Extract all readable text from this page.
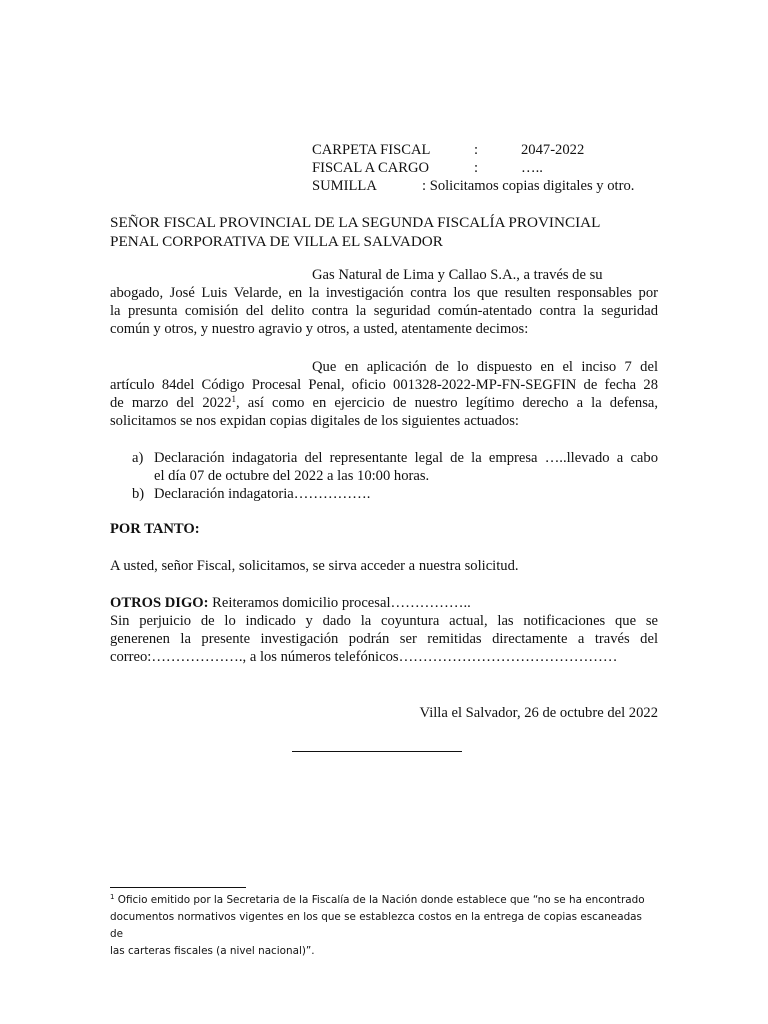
CARPETA FISCAL	:	2047-2022
FISCAL A CARGO	:	…..
SUMILLA	: Solicitamos copias digitales y otro.
SEÑOR FISCAL PROVINCIAL DE LA SEGUNDA FISCALÍA PROVINCIAL
PENAL CORPORATIVA DE VILLA EL SALVADOR
Gas Natural de Lima y Callao S.A., a través de su
abogado, José Luis Velarde, en la investigación contra los que resulten responsables por
la presunta comisión del delito contra la seguridad común-atentado contra la seguridad
común y otros, y nuestro agravio y otros, a usted, atentamente decimos:
Que en aplicación de lo dispuesto en el inciso 7 del
artículo 84del Código Procesal Penal, oficio 001328-2022-MP-FN-SEGFIN de fecha 28
de marzo del 2022$^1$, así como en ejercicio de nuestro legítimo derecho a la defensa,
solicitamos se nos expidan copias digitales de los siguientes actuados:
a) Declaración indagatoria del representante legal de la empresa …..llevado a cabo
el día 07 de octubre del 2022 a las 10:00 horas.
b) Declaración indagatoria…………….
POR TANTO:
A usted, señor Fiscal, solicitamos, se sirva acceder a nuestra solicitud.
OTROS DIGO: Reiteramos domicilio procesal……………..
Sin perjuicio de lo indicado y dado la coyuntura actual, las notificaciones que se
generenen la presente investigación podrán ser remitidas directamente a través del
correo:………………., a los números telefónicos………………………………………
Villa el Salvador, 26 de octubre del 2022
$^1$ Oficio emitido por la Secretaria de la Fiscalía de la Nación donde establece que “no se ha encontrado
documentos normativos vigentes en los que se establezca costos en la entrega de copias escaneadas de
las carteras fiscales (a nivel nacional)”.
